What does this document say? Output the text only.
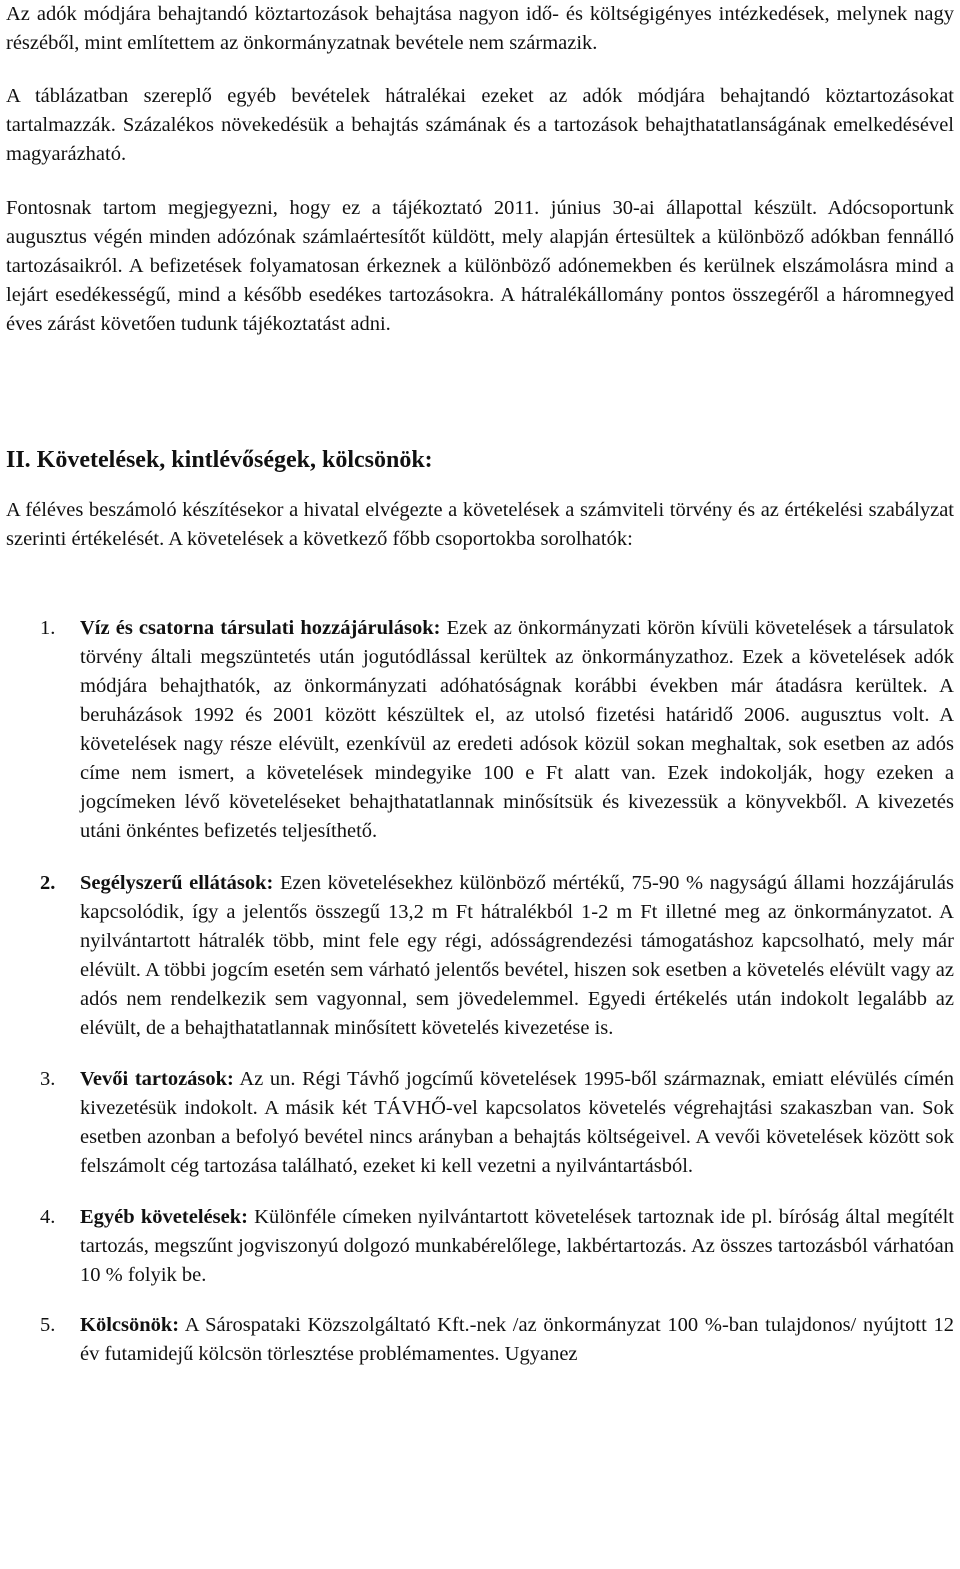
Az adók módjára behajtandó köztartozások behajtása nagyon idő- és költségigényes intézkedések, melynek nagy részéből, mint említettem az önkormányzatnak bevétele nem származik.

A táblázatban szereplő egyéb bevételek hátralékai ezeket az adók módjára behajtandó köztartozásokat tartalmazzák. Százalékos növekedésük a behajtás számának és a tartozások behajthatatlanságának emelkedésével magyarázható.

Fontosnak tartom megjegyezni, hogy ez a tájékoztató 2011. június 30-ai állapottal készült. Adócsoportunk augusztus végén minden adózónak számlaértesítőt küldött, mely alapján értesültek a különböző adókban fennálló tartozásaikról. A befizetések folyamatosan érkeznek a különböző adónemekben és kerülnek elszámolásra mind a lejárt esedékességű, mind a később esedékes tartozásokra. A hátralékállomány pontos összegéről a háromnegyed éves zárást követően tudunk tájékoztatást adni.

II. Követelések, kintlévőségek, kölcsönök:

A féléves beszámoló készítésekor a hivatal elvégezte a követelések a számviteli törvény és az értékelési szabályzat szerinti értékelését. A követelések a következő főbb csoportokba sorolhatók:

1.	Víz és csatorna társulati hozzájárulások: Ezek az önkormányzati körön kívüli követelések a társulatok törvény általi megszüntetés után jogutódlással kerültek az önkormányzathoz. Ezek a követelések adók módjára behajthatók, az önkormányzati adóhatóságnak korábbi években már átadásra kerültek. A beruházások 1992 és 2001 között készültek el, az utolsó fizetési határidő 2006. augusztus volt. A követelések nagy része elévült, ezenkívül az eredeti adósok közül sokan meghaltak, sok esetben az adós címe nem ismert, a követelések mindegyike 100 e Ft alatt van. Ezek indokolják, hogy ezeken a jogcímeken lévő követeléseket behajthatatlannak minősítsük és kivezessük a könyvekből. A kivezetés utáni önkéntes befizetés teljesíthető.
2.	Segélyszerű ellátások: Ezen követelésekhez különböző mértékű, 75-90 % nagyságú állami hozzájárulás kapcsolódik, így a jelentős összegű 13,2 m Ft hátralékból 1-2 m Ft illetné meg az önkormányzatot. A nyilvántartott hátralék több, mint fele egy régi, adósságrendezési támogatáshoz kapcsolható, mely már elévült. A többi jogcím esetén sem várható jelentős bevétel, hiszen sok esetben a követelés elévült vagy az adós nem rendelkezik sem vagyonnal, sem jövedelemmel. Egyedi értékelés után indokolt legalább az elévült, de a behajthatatlannak minősített követelés kivezetése is.
3.	Vevői tartozások: Az un. Régi Távhő jogcímű követelések 1995-ből származnak, emiatt elévülés címén kivezetésük indokolt. A másik két TÁVHŐ-vel kapcsolatos követelés végrehajtási szakaszban van. Sok esetben azonban a befolyó bevétel nincs arányban a behajtás költségeivel. A vevői követelések között sok felszámolt cég tartozása található, ezeket ki kell vezetni a nyilvántartásból.
4.	Egyéb követelések: Különféle címeken nyilvántartott követelések tartoznak ide pl. bíróság által megítélt tartozás, megszűnt jogviszonyú dolgozó munkabérelőlege, lakbértartozás. Az összes tartozásból várhatóan 10 % folyik be.
5.	Kölcsönök: A Sárospataki Közszolgáltató Kft.-nek /az önkormányzat 100 %-ban tulajdonos/ nyújtott 12 év futamidejű kölcsön törlesztése problémamentes. Ugyanez
